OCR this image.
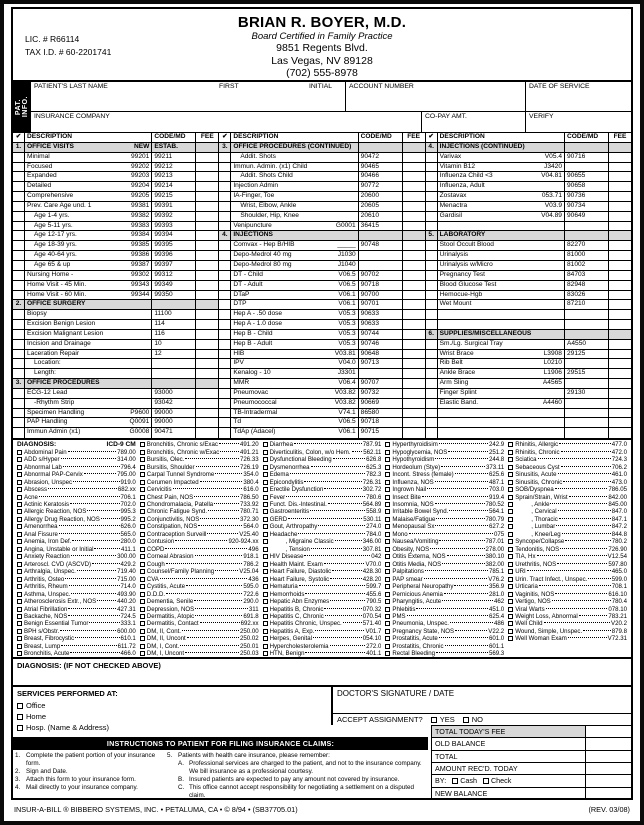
LIC. # R66114
TAX I.D. # 60-2201741
BRIAN R. BOYER, M.D.
Board Certified in Family Practice
9851 Regents Blvd.
Las Vegas, NV 89128
(702) 555-8978
PAT. INFO.
PATIENT'S LAST NAME	FIRST	INITIAL ACCOUNT NUMBER	DATE OF SERVICE
INSURANCE COMPANY	CO-PAY AMT.	VERIFY
✔ DESCRIPTION	CODE/MD	FEE
1. OFFICE VISITS	NEW ESTAB.
Minimal	99201 99211
Focused	99202 99212
Expanded	99203 99213
Detailed	99204 99214
Comprehensive	99205 99215
Prev. Care Age und. 1	99381 99391
Age 1-4 yrs.	99382 99392
Age 5-11 yrs.	99383 99393
Age 12-17 yrs.	99384 99394
Age 18-39 yrs.	99385 99395
Age 40-64 yrs.	99386 99396
Age 65 & up	99387 99397
Nursing Home -	99302 99312
Home Visit - 45 Min.	99343 99349
Home Visit - 60 Min.	99344 99350
2. OFFICE SURGERY
Biopsy	11100
Excision Benign Lesion	114
Excision Malignant Lesion	116
Incision and Drainage	10
Laceration Repair	12
Location:
Length:
3. OFFICE PROCEDURES
ECG-12 Lead	93000
-Rhythm Strip	93042
Specimen Handling	P9600 99000
PAP Handling	Q0091 99000
Immun Admin (x1)	G0008 90471
✔ DESCRIPTION	CODE/MD	FEE
3. OFFICE PROCEDURES (CONTINUED)
Addit. Shots	90472
Immun. Admin. (x1) Child	90465
Addit. Shots Child	90466
Injection Admin	90772
IA-Finger, Toe	20600
Wrist, Elbow, Ankle	20605
Shoulder, Hip, Knee	20610
Venipuncture	G0001 36415
4. INJECTIONS
Comvax - Hep B/HIB	_____ 90748
Depo-Medrol 40 mg	J1030
Depo-Medrol 80 mg	J1040
DT - Child	V06.5 90702
DT - Adult	V06.5 90718
DTaP	V06.1 90700
DTP	V06.1 90701
Hep A - .50 dose	V05.3 90633
Hep A - 1.0 dose	V05.3 90633
Hep B - Child	V05.3 90744
Hep B - Adult	V05.3 90746
HIB	V03.81 90648
IPV	V04.0 90713
Kenalog - 10	J3301
MMR	V06.4 90707
Pneumovac	V03.82 90732
Pneumococcal	V03.82 90669
TB-Intradermal	V74.1 86580
Td	V06.5 90718
TdAp (Adacel)	V06.1 90715
✔ DESCRIPTION	CODE/MD	FEE
4. INJECTIONS (CONTINUED)
Varivax	V05.4 90716
Vitamin B12	J3420
Influenza Child <3	V04.81 90655
Influenza, Adult	90658
Zostavax	053.71 90736
Menactra	V03.9 90734
Gardisil	V04.89 90649
5. LABORATORY
Stool Occult Blood	82270
Urinalysis	81000
Urinalysis w/Micro	81002
Pregnancy Test	84703
Blood Glucose Test	82948
Hemocue-Hgb	83026
Wet Mount	87210
6. SUPPLIES/MISCELLANEOUS
Sm./Lg. Surgical Tray	A4550
Wrist Brace	L3908 29125
Rib Belt	L0210
Ankle Brace	L1906 29515
Arm Sling	A4565
Finger Splint	29130
Elastic Band.	A4460
DIAGNOSIS:	ICD-9 CM
Abdominal Pain	789.00
ADD s/Hyper	314.00
Abnormal Lab	796.4
Abnormal PAP-Cervix	795.00
Abrasion, Unspec	919.0
Abscess	682.xx
Acne	706.1
Actinic Keratosis	702.0
Allergic Reaction, NOS	995.3
Allergy Drug Reaction, NOS	995.2
Amenorrhea	626.0
Anal Fissure	565.0
Anemia, Iron Def.	280.0
Angina, Unstable or Initial	411.1
Anxiety Reaction	300.00
Arteroscl. CVD (ASCVD)	429.2
Arthralgia, Unspec.	719.40
Arthritis, Osteo	715.00
Arthritis, Rheum	714.0
Asthma, Unspec.	493.90
Atherosclerosis Extr., NOS	440.20
Atrial Fibrillation	427.31
Backache, NOS	724.5
Benign Essential Tumor	333.1
BPH s/Obstr.	600.00
Breast, Fibrocystic	610.1
Breast, Lump	611.72
Bronchitis, Acute	466.0
Bronchitis, Chronic s/Exac	491.20
Bronchitis, Chronic w/Exac	491.21
Bursitis, Olec.	726.33
Bursitis, Shoulder	726.19
Carpal Tunnel Syndrome	354.0
Cerumen Impacted	380.4
Cervicitis	616.0
Chest Pain, NOS	786.50
Chondromalacia, Patella	733.92
Chronic Fatigue Synd.	780.71
Conjunctivitis, NOS	372.30
Constipation, NOS	564.0
Contraception Surveill	V25.40
Contusion	920-924.xx
COPD	496
Corneal Abrasion	918.1
Cough	786.2
Counsel/Family Planning	V25.04
CVA	436
Cystitis, Acute	595.0
D.D.D.	722.6
Dementia, Senile	290.0
Depression, NOS	311
Dermatitis, Atopic	691.8
Dermatitis, Contact	692.xx
DM, II, Cont.	250.00
DM, II, Uncont	250.02
DM, I, Cont.	250.01
DM, I, Uncont	250.03
Diarrhea	787.91
Diverticulitis, Colon, w/o Hem. 562.11
Dysfunctional Bleeding	626.8
Dysmenorrhea	625.3
Edema	782.3
Epicondylitis	726.31
Erectile Dysfunction	302.72
Fever	780.6
Funct. Dis.-Intestinal.	564.89
Gastroenteritis	558.9
GERD	530.11
Gout, Arthropathy	274.0
Headache	784.0
, Migraine Classic	346.00
, Tension	307.81
HIV Disease	042
Health Maint. Exam	V70.0
Heart Failure, Diastolic	428.30
Heart Failure, Systolic	428.20
Hematuria	599.7
Hemorrhoids	455.6
Hepatic Abn Enzymes	790.5
Hepatitis B, Chronic	070.32
Hepatitis C, Chronic	070.54
Hepatitis Chronic, Unspec.	571.40
Hepatitis A, Exp.	V01.7
Herpes, Genital	054.10
Hypercholesterolemia	272.0
HTN, Benign	401.1
Hyperthyroidisim	242.9
Hypoglycemia, NOS	251.2
Hypothyroidism	244.8
Hordeolum (Stye)	373.11
Incont. Stress (female)	625.6
Influenza, NOS	487.1
Ingrown Nail	703.0
Insect Bite	919.4
Insomnia, NOS	780.52
Irritable Bowel Synd.	564.1
Malaise/Fatigue	780.79
Menopausal Sx	627.2
Mono	075
Nausea/Vomiting	787.01
Obesity, NOS	278.00
Otitis Externa, NOS	380.10
Otitis Media, NOS	382.00
Palpitations	785.1
PAP smear	V76.2
Peripheral Neuropathy	356.9
Pernicious Anemia	281.0
Pharyngitis, Acute	462
Phlebitis	451.0
PMS	625.4
Pneumonia, Unspec.	486
Pregnancy State, NOS	V22.2
Prostatitis, Acute	601.0
Prostatitis, Chronic	601.1
Rectal Bleeding	569.3
Rhinitis, Allergic	477.0
Rhinitis, Chronic	472.0
Sciatica	724.3
Sebaceous Cyst	706.2
Sinusitis, Acute	461.0
Sinusitis, Chronic	473.0
SOB/Dyspnea	786.05
Sprain/Strain, Wrist	842.00
, Ankle	845.00
, Cervical	847.0
, Thoracic	847.1
, Lumbar	847.2
, Knee/Leg	844.8
Syncope/Collapse	780.2
Tendonitis, NOS	726.90
TIA, Hx	V12.54
Urethritis, NOS	597.80
URI	465.0
Urin. Tract Infect., Unspec.	599.0
Urticaria	708.1
Vaginitis, NOS	616.10
Vertigo, NOS	780.4
Viral Warts	078.10
Weight Loss, Abnormal	783.21
Well Child	V20.2
Wound, Simple, Unspec.	879.8
Well Woman Exam	V72.31
DIAGNOSIS: (IF NOT CHECKED ABOVE)
SERVICES PERFORMED AT:
Office
Home
Hosp. (Name & Address)
DOCTOR'S SIGNATURE / DATE
ACCEPT ASSIGNMENT? YES NO
INSTRUCTIONS TO PATIENT FOR FILING INSURANCE CLAIMS:
1. Complete the patient portion of your insurance form.
2. Sign and Date.
3. Attach this form to your insurance form.
4. Mail directly to your insurance company.
5. Patients with health care insurance, please remember:
A. Professional services are charged to the patient, and not to the insurance company. We bill insurance as a professional courtesy.
B. Insured patients are expected to pay any amount not covered by insurance.
C. This office cannot accept responsibility for negotiating a settlement on a disputed claim.
TOTAL TODAY'S FEE
OLD BALANCE
TOTAL
AMOUNT REC'D. TODAY
BY: Cash Check
NEW BALANCE
INSUR-A-BILL ® BIBBERO SYSTEMS, INC. • PETALUMA, CA • © 8/94 • (SB37705.01)	(REV. 03/08)
